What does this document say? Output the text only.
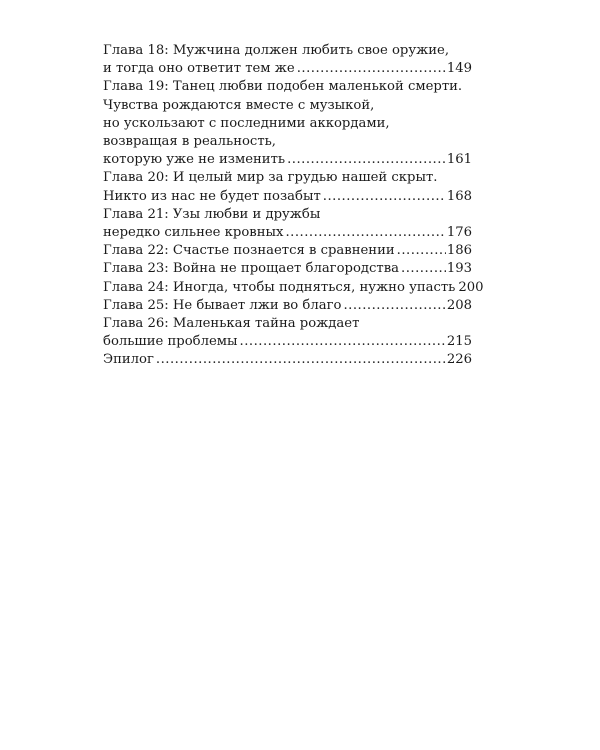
Глава 18: Мужчина должен любить свое оружие,
и тогда оно ответит тем же .....	149
Глава 19: Танец любви подобен маленькой смерти.
Чувства рождаются вместе с музыкой,
но ускользают с последними аккордами,
возвращая в реальность,
которую уже не изменить .....	161
Глава 20: И целый мир за грудью нашей скрыт.
Никто из нас не будет позабыт .....	168
Глава 21: Узы любви и дружбы
нередко сильнее кровных .....	176
Глава 22: Счастье познается в сравнении .....	186
Глава 23: Война не прощает благородства .....	193
Глава 24: Иногда, чтобы подняться, нужно упасть 200
Глава 25: Не бывает лжи во благо .....	208
Глава 26: Маленькая тайна рождает
большие проблемы .....	215
Эпилог .....	226
